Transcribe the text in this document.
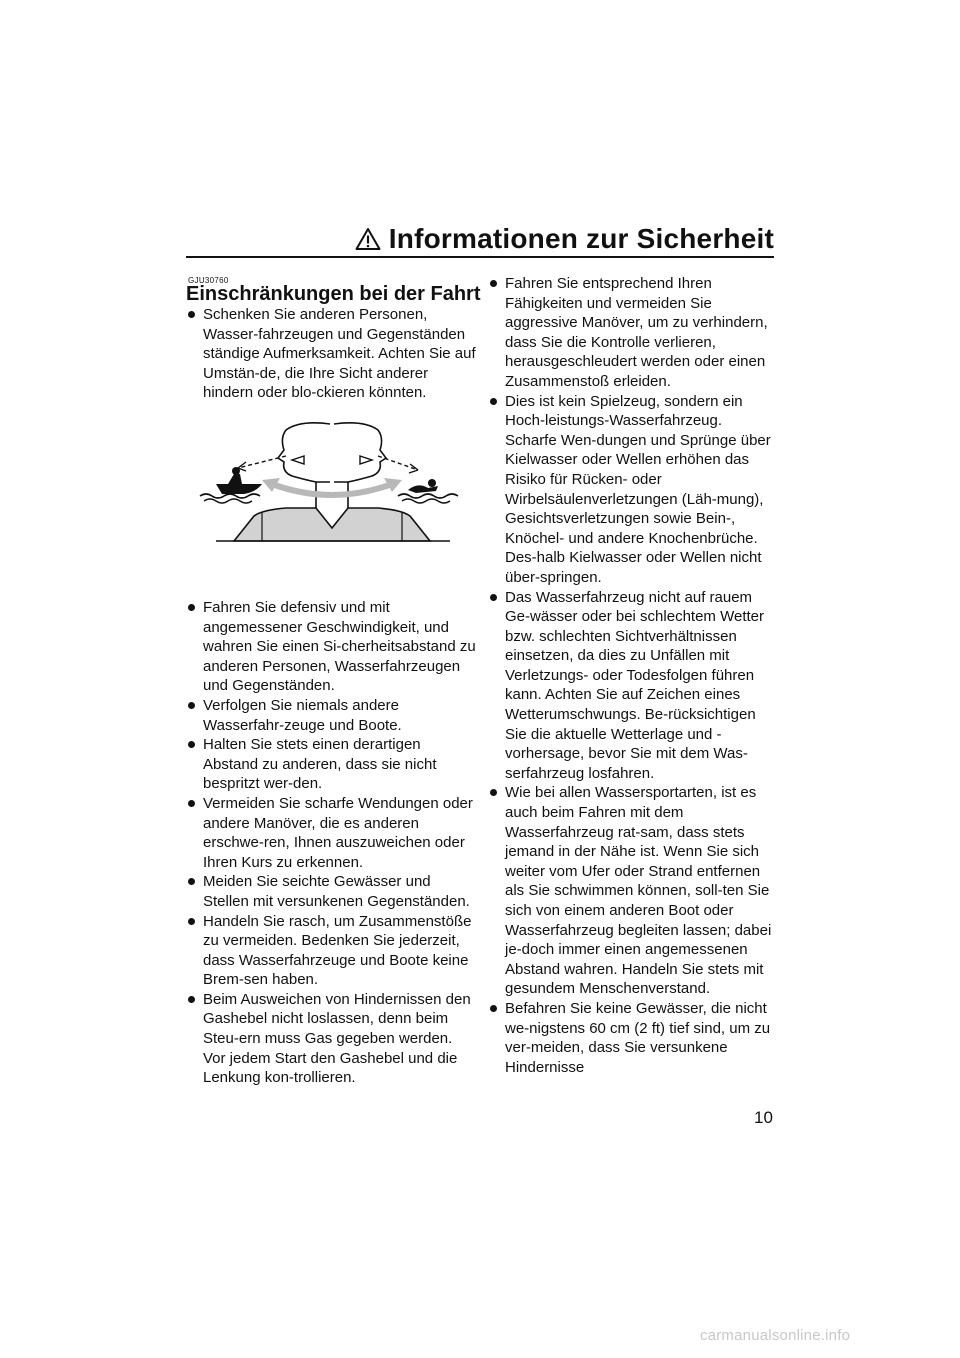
Informationen zur Sicherheit
GJU30760
Einschränkungen bei der Fahrt

Schenken Sie anderen Personen, Wasser-fahrzeugen und Gegenständen ständige Aufmerksamkeit. Achten Sie auf Umstän-de, die Ihre Sicht anderer hindern oder blo-ckieren könnten.

Fahren Sie defensiv und mit angemessener Geschwindigkeit, und wahren Sie einen Si-cherheitsabstand zu anderen Personen, Wasserfahrzeugen und Gegenständen.

Verfolgen Sie niemals andere Wasserfahr-zeuge und Boote.

Halten Sie stets einen derartigen Abstand zu anderen, dass sie nicht bespritzt wer-den.

Vermeiden Sie scharfe Wendungen oder andere Manöver, die es anderen erschwe-ren, Ihnen auszuweichen oder Ihren Kurs zu erkennen.

Meiden Sie seichte Gewässer und Stellen mit versunkenen Gegenständen.

Handeln Sie rasch, um Zusammenstöße zu vermeiden. Bedenken Sie jederzeit, dass Wasserfahrzeuge und Boote keine Brem-sen haben.

Beim Ausweichen von Hindernissen den Gashebel nicht loslassen, denn beim Steu-ern muss Gas gegeben werden. Vor jedem Start den Gashebel und die Lenkung kon-trollieren.

Fahren Sie entsprechend Ihren Fähigkeiten und vermeiden Sie aggressive Manöver, um zu verhindern, dass Sie die Kontrolle verlieren, herausgeschleudert werden oder einen Zusammenstoß erleiden.

Dies ist kein Spielzeug, sondern ein Hoch-leistungs-Wasserfahrzeug. Scharfe Wen-dungen und Sprünge über Kielwasser oder Wellen erhöhen das Risiko für Rücken- oder Wirbelsäulenverletzungen (Läh-mung), Gesichtsverletzungen sowie Bein-, Knöchel- und andere Knochenbrüche. Des-halb Kielwasser oder Wellen nicht über-springen.

Das Wasserfahrzeug nicht auf rauem Ge-wässer oder bei schlechtem Wetter bzw. schlechten Sichtverhältnissen einsetzen, da dies zu Unfällen mit Verletzungs- oder Todesfolgen führen kann. Achten Sie auf Zeichen eines Wetterumschwungs. Be-rücksichtigen Sie die aktuelle Wetterlage und -vorhersage, bevor Sie mit dem Was-serfahrzeug losfahren.

Wie bei allen Wassersportarten, ist es auch beim Fahren mit dem Wasserfahrzeug rat-sam, dass stets jemand in der Nähe ist. Wenn Sie sich weiter vom Ufer oder Strand entfernen als Sie schwimmen können, soll-ten Sie sich von einem anderen Boot oder Wasserfahrzeug begleiten lassen; dabei je-doch immer einen angemessenen Abstand wahren. Handeln Sie stets mit gesundem Menschenverstand.

Befahren Sie keine Gewässer, die nicht we-nigstens 60 cm (2 ft) tief sind, um zu ver-meiden, dass Sie versunkene Hindernisse

10
carmanualsonline.info
